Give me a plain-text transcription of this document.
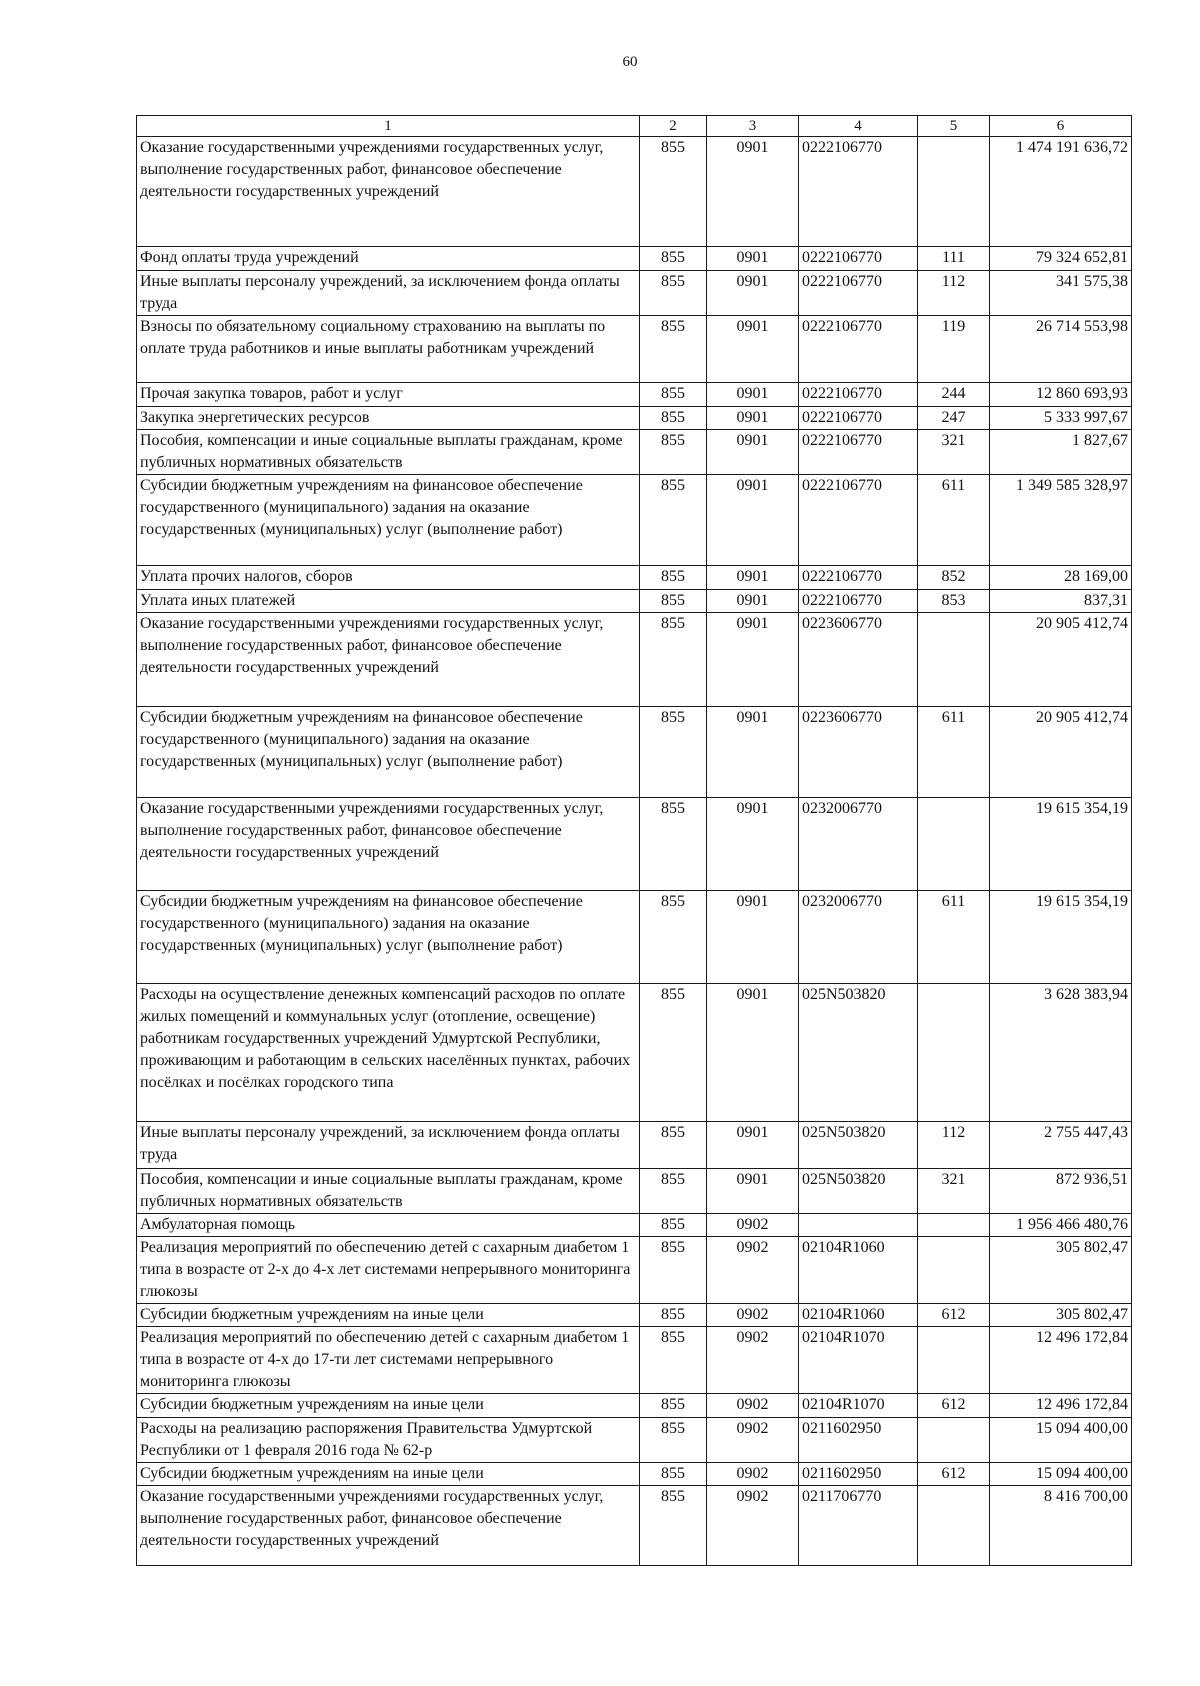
60
1	2	3	4	5	6
Оказание государственными учреждениями государственных услуг, выполнение государственных работ, финансовое обеспечение деятельности государственных учреждений	855	0901	0222106770		1 474 191 636,72
Фонд оплаты труда учреждений	855	0901	0222106770	111	79 324 652,81
Иные выплаты персоналу учреждений, за исключением фонда оплаты труда	855	0901	0222106770	112	341 575,38
Взносы по обязательному социальному страхованию на выплаты по оплате труда работников и иные выплаты работникам учреждений	855	0901	0222106770	119	26 714 553,98
Прочая закупка товаров, работ и услуг	855	0901	0222106770	244	12 860 693,93
Закупка энергетических ресурсов	855	0901	0222106770	247	5 333 997,67
Пособия, компенсации и иные социальные выплаты гражданам, кроме публичных нормативных обязательств	855	0901	0222106770	321	1 827,67
Субсидии бюджетным учреждениям на финансовое обеспечение государственного (муниципального) задания на оказание государственных (муниципальных) услуг (выполнение работ)	855	0901	0222106770	611	1 349 585 328,97
Уплата прочих налогов, сборов	855	0901	0222106770	852	28 169,00
Уплата иных платежей	855	0901	0222106770	853	837,31
Оказание государственными учреждениями государственных услуг, выполнение государственных работ, финансовое обеспечение деятельности государственных учреждений	855	0901	0223606770		20 905 412,74
Субсидии бюджетным учреждениям на финансовое обеспечение государственного (муниципального) задания на оказание государственных (муниципальных) услуг (выполнение работ)	855	0901	0223606770	611	20 905 412,74
Оказание государственными учреждениями государственных услуг, выполнение государственных работ, финансовое обеспечение деятельности государственных учреждений	855	0901	0232006770		19 615 354,19
Субсидии бюджетным учреждениям на финансовое обеспечение государственного (муниципального) задания на оказание государственных (муниципальных) услуг (выполнение работ)	855	0901	0232006770	611	19 615 354,19
Расходы на осуществление денежных компенсаций расходов по оплате жилых помещений и коммунальных услуг (отопление, освещение) работникам государственных учреждений Удмуртской Республики, проживающим и работающим в сельских населённых пунктах, рабочих посёлках и посёлках городского типа	855	0901	025N503820		3 628 383,94
Иные выплаты персоналу учреждений, за исключением фонда оплаты труда	855	0901	025N503820	112	2 755 447,43
Пособия, компенсации и иные социальные выплаты гражданам, кроме публичных нормативных обязательств	855	0901	025N503820	321	872 936,51
Амбулаторная помощь	855	0902			1 956 466 480,76
Реализация мероприятий по обеспечению детей с сахарным диабетом 1 типа в возрасте от 2-х до 4-х лет системами непрерывного мониторинга глюкозы	855	0902	02104R1060		305 802,47
Субсидии бюджетным учреждениям на иные цели	855	0902	02104R1060	612	305 802,47
Реализация мероприятий по обеспечению детей с сахарным диабетом 1 типа в возрасте от 4-х до 17-ти лет системами непрерывного мониторинга глюкозы	855	0902	02104R1070		12 496 172,84
Субсидии бюджетным учреждениям на иные цели	855	0902	02104R1070	612	12 496 172,84
Расходы на реализацию распоряжения Правительства Удмуртской Республики от 1 февраля 2016 года № 62-р	855	0902	0211602950		15 094 400,00
Субсидии бюджетным учреждениям на иные цели	855	0902	0211602950	612	15 094 400,00
Оказание государственными учреждениями государственных услуг, выполнение государственных работ, финансовое обеспечение деятельности государственных учреждений	855	0902	0211706770		8 416 700,00
